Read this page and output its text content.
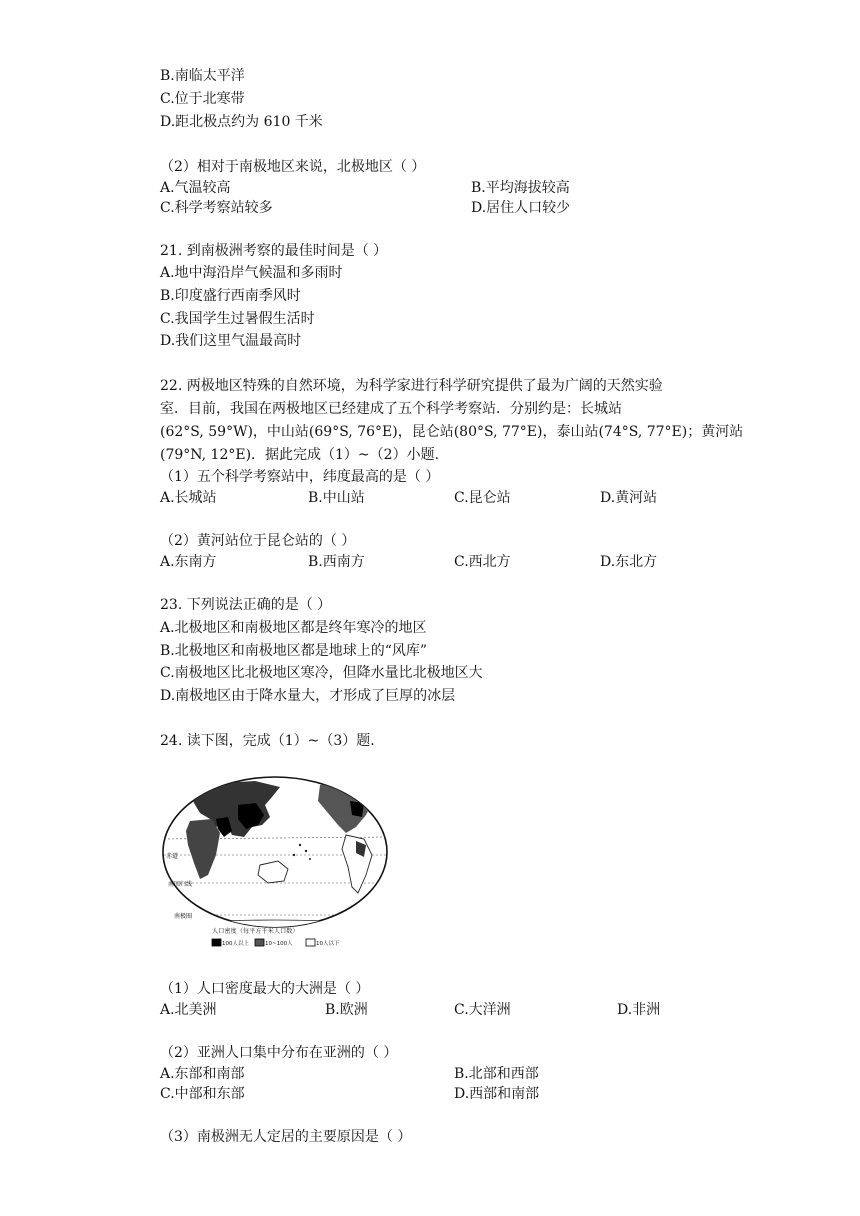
B.南临太平洋
C.位于北寒带
D.距北极点约为 610 千米
（2）相对于南极地区来说，北极地区（ ）
A.气温较高	B.平均海拔较高
C.科学考察站较多	D.居住人口较少
21. 到南极洲考察的最佳时间是（ ）
A.地中海沿岸气候温和多雨时
B.印度盛行西南季风时
C.我国学生过暑假生活时
D.我们这里气温最高时
22. 两极地区特殊的自然环境，为科学家进行科学研究提供了最为广阔的天然实验
室．目前，我国在两极地区已经建成了五个科学考察站．分别约是：长城站
(62°S, 59°W)，中山站(69°S, 76°E)，昆仑站(80°S, 77°E)，泰山站(74°S, 77°E)；黄河站
(79°N, 12°E)．据此完成（1）~（2）小题．
（1）五个科学考察站中，纬度最高的是（ ）
A.长城站	B.中山站	C.昆仑站	D.黄河站
（2）黄河站位于昆仑站的（ ）
A.东南方	B.西南方	C.西北方	D.东北方
23. 下列说法正确的是（ ）
A.北极地区和南极地区都是终年寒冷的地区
B.北极地区和南极地区都是地球上的“风库”
C.南极地区比北极地区寒冷，但降水量比北极地区大
D.南极地区由于降水量大，才形成了巨厚的冰层
24. 读下图，完成（1）~（3）题．
赤道
南回归线
南极圈
人口密度（每平方千米人口数）
100人以上	10~100人	10人以下
（1）人口密度最大的大洲是（ ）
A.北美洲	B.欧洲	C.大洋洲	D.非洲
（2）亚洲人口集中分布在亚洲的（ ）
A.东部和南部	B.北部和西部
C.中部和东部	D.西部和南部
（3）南极洲无人定居的主要原因是（ ）
